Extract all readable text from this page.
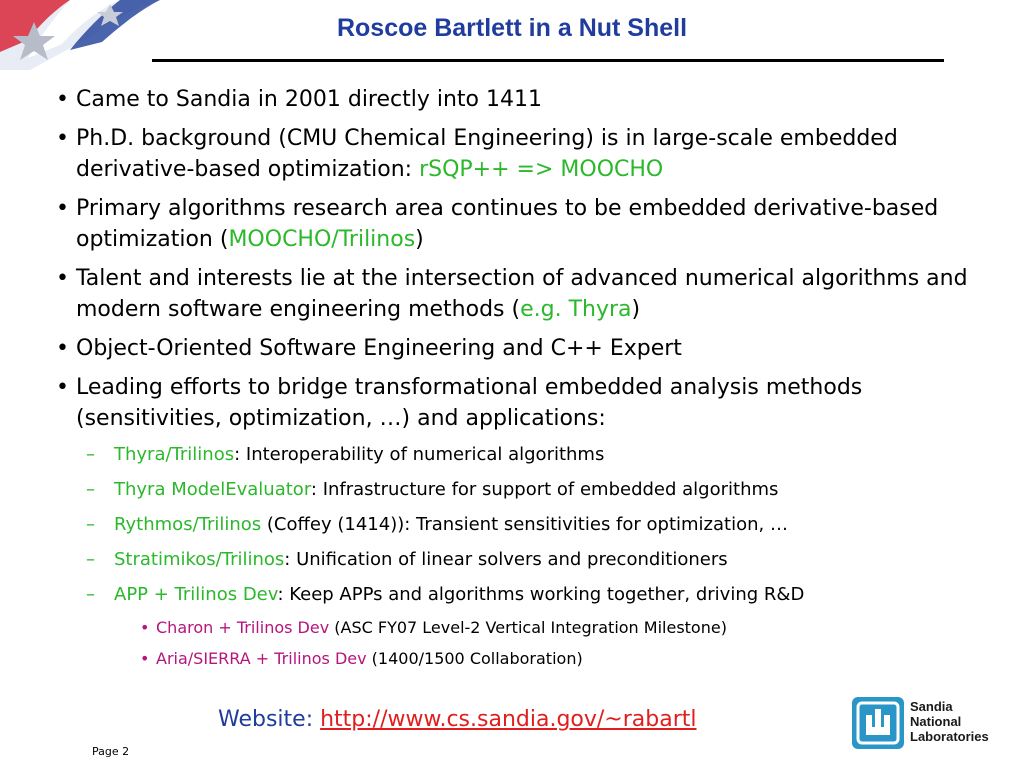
Roscoe Bartlett in a Nut Shell
• Came to Sandia in 2001 directly into 1411
• Ph.D. background (CMU Chemical Engineering) is in large-scale embedded derivative-based optimization: rSQP++ => MOOCHO
• Primary algorithms research area continues to be embedded derivative-based optimization (MOOCHO/Trilinos)
• Talent and interests lie at the intersection of advanced numerical algorithms and modern software engineering methods (e.g. Thyra)
• Object-Oriented Software Engineering and C++ Expert
• Leading efforts to bridge transformational embedded analysis methods (sensitivities, optimization, …) and applications:
– Thyra/Trilinos: Interoperability of numerical algorithms
– Thyra ModelEvaluator: Infrastructure for support of embedded algorithms
– Rythmos/Trilinos (Coffey (1414)): Transient sensitivities for optimization, …
– Stratimikos/Trilinos: Unification of linear solvers and preconditioners
– APP + Trilinos Dev: Keep APPs and algorithms working together, driving R&D
• Charon + Trilinos Dev (ASC FY07 Level-2 Vertical Integration Milestone)
• Aria/SIERRA + Trilinos Dev (1400/1500 Collaboration)
Website: http://www.cs.sandia.gov/~rabartl
Page 2
Sandia
National
Laboratories
